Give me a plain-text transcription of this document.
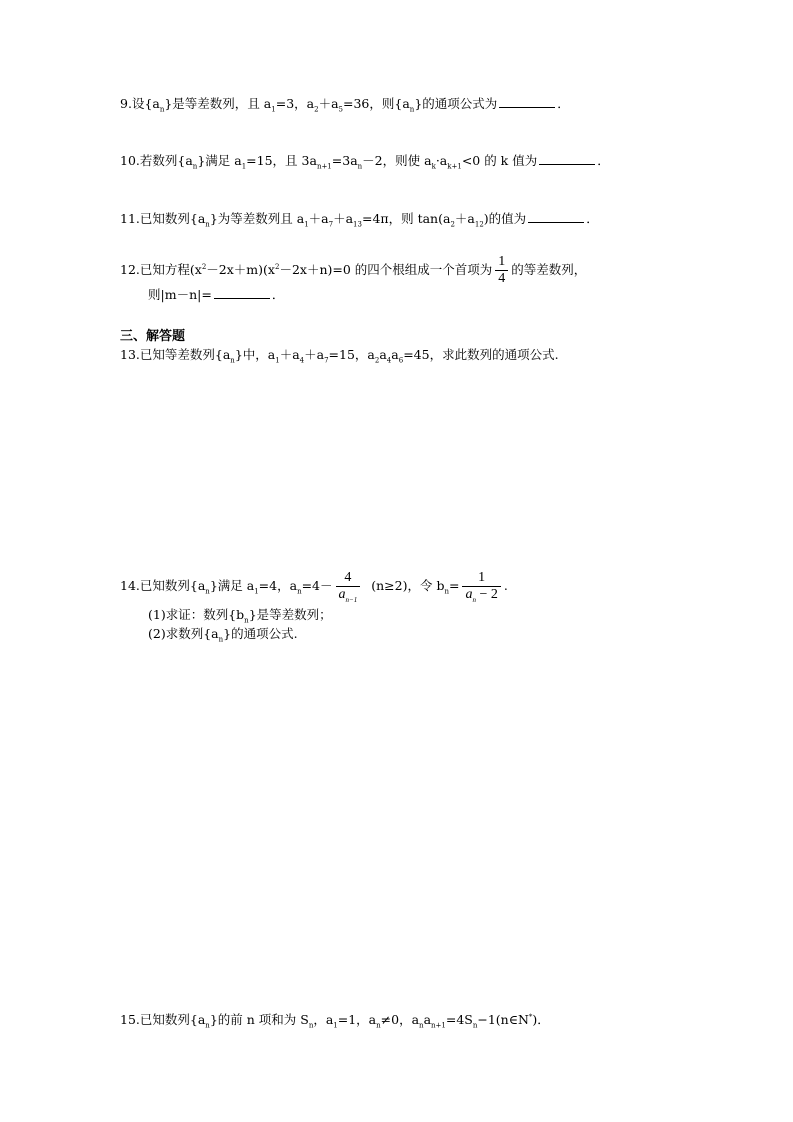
9.设$\{a_n\}$是等差数列，且 $a_1=3$，$a_2+a_5=36$，则$\{a_n\}$的通项公式为	．
10.若数列$\{a_n\}$满足 $a_1=15$，且 $3a_{n+1}=3a_n-2$，则使 $a_k\cdot a_{k+1}<0$ 的 k 值为	．
11.已知数列$\{a_n\}$为等差数列且 $a_1+a_7+a_{13}=4\pi$，则 $\tan(a_2+a_{12})$的值为	．
12.已知方程$(x^2-2x+m)(x^2-2x+n)=0$ 的四个根组成一个首项为 $\frac{1}{4}$ 的等差数列，
则|m－n|=	．
三、解答题
13.已知等差数列$\{a_n\}$中，$a_1+a_4+a_7=15$，$a_2a_4a_6=45$，求此数列的通项公式.
14.已知数列$\{a_n\}$满足 $a_1=4$，$a_n=4- \frac{4}{a_{n-1}} (n\ge 2)$，令 $b_n= \frac{1}{a_n - 2}$ .
(1)求证：数列$\{b_n\}$是等差数列；
(2)求数列$\{a_n\}$的通项公式.
15.已知数列$\{a_n\}$的前 n 项和为 $S_n$，$a_1=1$，$a_n\ne 0$，$a_na_{n+1}=4S_n-1(n\in N^*)$．
